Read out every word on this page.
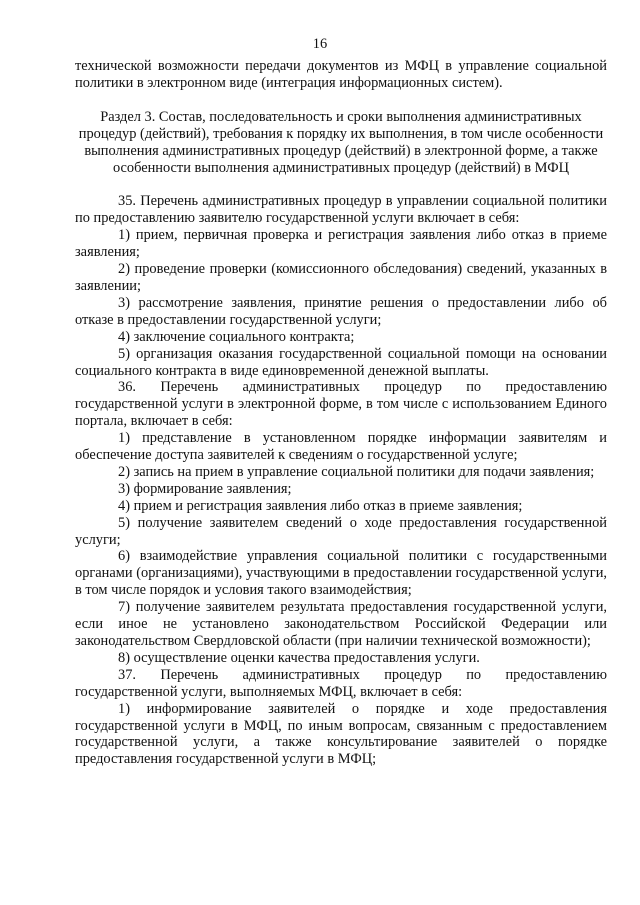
16

технической возможности передачи документов из МФЦ в управление социальной политики в электронном виде (интеграция информационных систем).

Раздел 3. Состав, последовательность и сроки выполнения административных процедур (действий), требования к порядку их выполнения, в том числе особенности выполнения административных процедур (действий) в электронной форме, а также особенности выполнения административных процедур (действий) в МФЦ

35. Перечень административных процедур в управлении социальной политики по предоставлению заявителю государственной услуги включает в себя:

1) прием, первичная проверка и регистрация заявления либо отказ в приеме заявления;

2) проведение проверки (комиссионного обследования) сведений, указанных в заявлении;

3) рассмотрение заявления, принятие решения о предоставлении либо об отказе в предоставлении государственной услуги;

4) заключение социального контракта;

5) организация оказания государственной социальной помощи на основании социального контракта в виде единовременной денежной выплаты.

36. Перечень административных процедур по предоставлению государственной услуги в электронной форме, в том числе с использованием Единого портала, включает в себя:

1) представление в установленном порядке информации заявителям и обеспечение доступа заявителей к сведениям о государственной услуге;

2) запись на прием в управление социальной политики для подачи заявления;

3) формирование заявления;

4) прием и регистрация заявления либо отказ в приеме заявления;

5) получение заявителем сведений о ходе предоставления государственной услуги;

6) взаимодействие управления социальной политики с государственными органами (организациями), участвующими в предоставлении государственной услуги, в том числе порядок и условия такого взаимодействия;

7) получение заявителем результата предоставления государственной услуги, если иное не установлено законодательством Российской Федерации или законодательством Свердловской области (при наличии технической возможности);

8) осуществление оценки качества предоставления услуги.

37. Перечень административных процедур по предоставлению государственной услуги, выполняемых МФЦ, включает в себя:

1) информирование заявителей о порядке и ходе предоставления государственной услуги в МФЦ, по иным вопросам, связанным с предоставлением государственной услуги, а также консультирование заявителей о порядке предоставления государственной услуги в МФЦ;
